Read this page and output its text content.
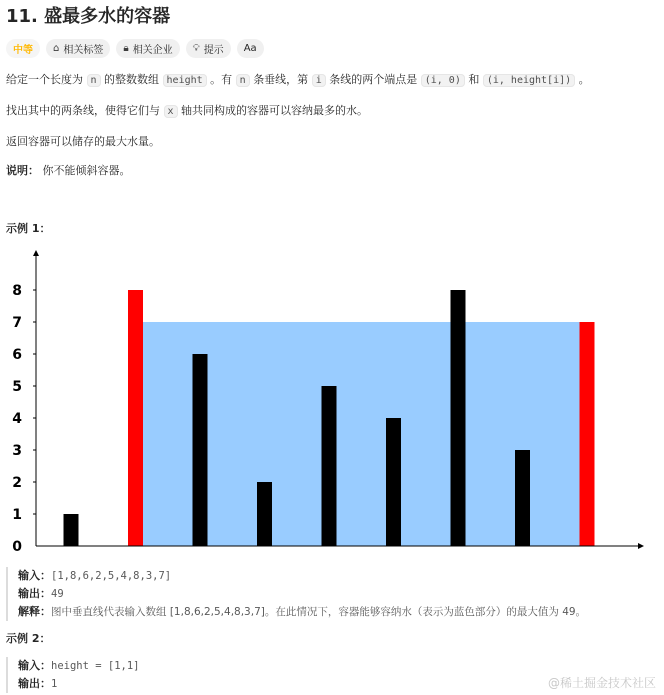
11. 盛最多水的容器
中等 ⌂ 相关标签 🔒︎ 相关企业 💡︎ 提示 Aa
给定一个长度为 n 的整数数组 height 。有 n 条垂线，第 i 条线的两个端点是 (i, 0) 和 (i, height[i]) 。
找出其中的两条线，使得它们与 x 轴共同构成的容器可以容纳最多的水。
返回容器可以储存的最大水量。
说明： 你不能倾斜容器。
示例 1：
0
1
2
3
4
5
6
7
8
输入：[1,8,6,2,5,4,8,3,7]
输出：49
解释：图中垂直线代表输入数组 [1,8,6,2,5,4,8,3,7]。在此情况下，容器能够容纳水（表示为蓝色部分）的最大值为 49。
示例 2：
输入：height = [1,1]
输出：1	@稀土掘金技术社区
